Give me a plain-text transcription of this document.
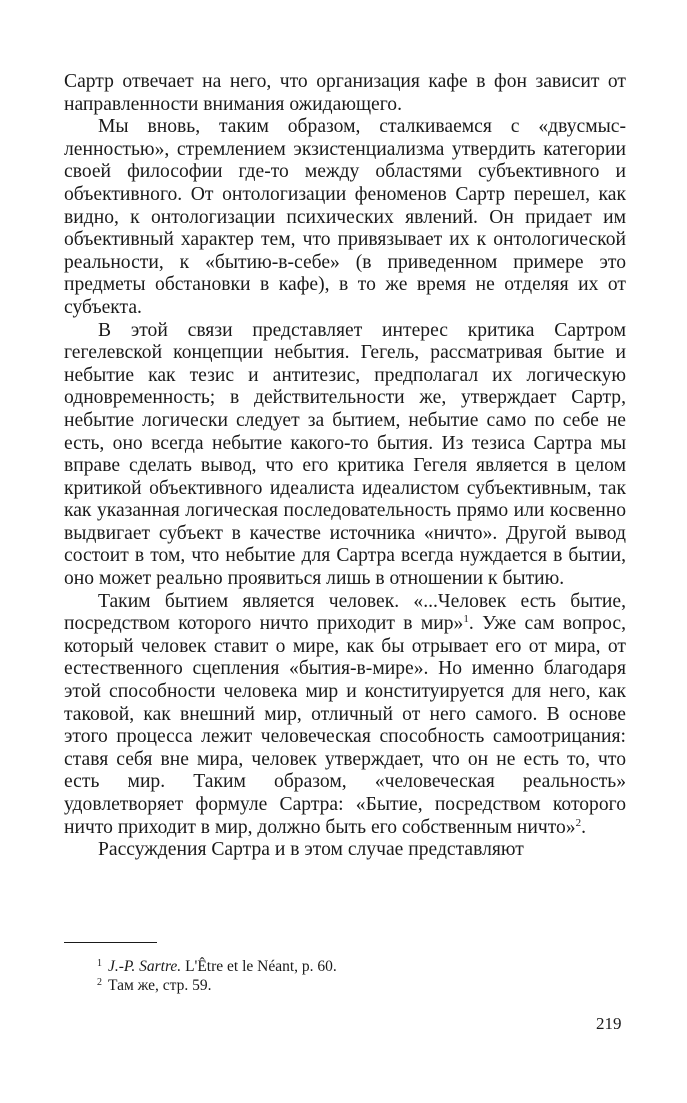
Сартр отвечает на него, что организация кафе в фон зависит от направленности внимания ожидающего.

Мы вновь, таким образом, сталкиваемся с «двусмысленностью», стремлением экзистенциализма утвердить категории своей философии где-то между областями субъективного и объективного. От онтологизации феноменов Сартр перешел, как видно, к онтологизации психических явлений. Он придает им объективный характер тем, что привязывает их к онтологической реальности, к «бытию-в-себе» (в приведенном примере это предметы обстановки в кафе), в то же время не отделяя их от субъекта.

В этой связи представляет интерес критика Сартром гегелевской концепции небытия. Гегель, рассматривая бытие и небытие как тезис и антитезис, предполагал их логическую одновременность; в действительности же, утверждает Сартр, небытие логически следует за бытием, небытие само по себе не есть, оно всегда небытие какого-то бытия. Из тезиса Сартра мы вправе сделать вывод, что его критика Гегеля является в целом критикой объективного идеалиста идеалистом субъективным, так как указанная логическая последовательность прямо или косвенно выдвигает субъект в качестве источника «ничто». Другой вывод состоит в том, что небытие для Сартра всегда нуждается в бытии, оно может реально проявиться лишь в отношении к бытию.

Таким бытием является человек. «...Человек есть бытие, посредством которого ничто приходит в мир»$^1$. Уже сам вопрос, который человек ставит о мире, как бы отрывает его от мира, от естественного сцепления «бытия-в-мире». Но именно благодаря этой способности человека мир и конституируется для него, как таковой, как внешний мир, отличный от него самого. В основе этого процесса лежит человеческая способность самоотрицания: ставя себя вне мира, человек утверждает, что он не есть то, что есть мир. Таким образом, «человеческая реальность» удовлетворяет формуле Сартра: «Бытие, посредством которого ничто приходит в мир, должно быть его собственным ничто»$^2$.

Рассуждения Сартра и в этом случае представляют

$^1$ J.-P. Sartre. L'Être et le Néant, p. 60.
$^2$ Там же, стр. 59.
219
